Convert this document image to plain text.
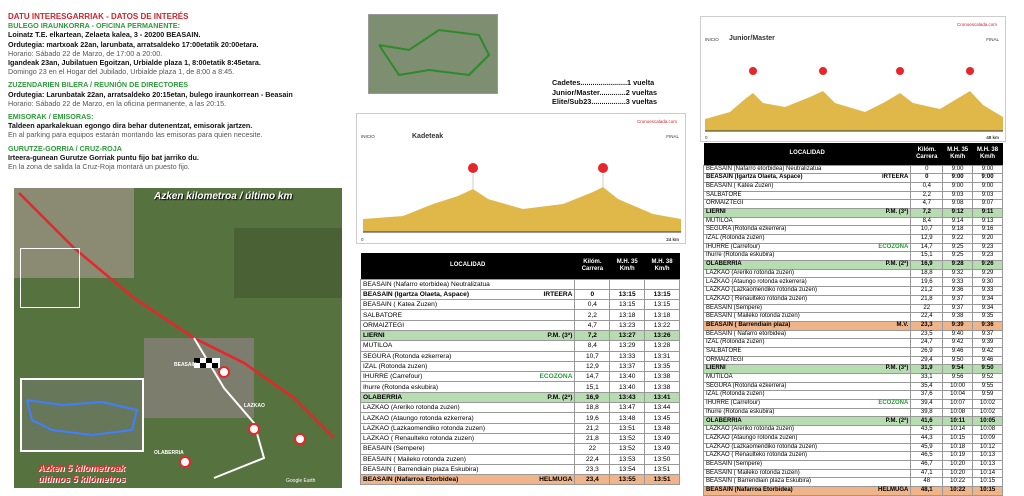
DATU INTERESGARRIAK - DATOS DE INTERÉS
BULEGO IRAUNKORRA - OFICINA PERMANENTE:
Loinatz T.E. elkartean, Zelaeta kalea, 3 - 20200 BEASAIN.
Ordutegia: martxoak 22an, larunbata, arratsaldeko 17:00etatik 20:00etara.
Horario: Sábado 22 de Marzo, de 17:00 a 20:00.
Igandeak 23an, Jubilatuen Egoitzan, Urbialde plaza 1, 8:00etatik 8:45etara.
Domingo 23 en el Hogar del Jubilado, Urbialde plaza 1, de 8:00 a 8:45.
ZUZENDARIEN BILERA / REUNIÓN DE DIRECTORES
Ordutegia: Larunbatak 22an, arratsaldeko 20:15etan, bulego iraunkorrean - Beasain
Horario: Sábado 22 de Marzo, en la oficina permanente, a las 20:15.
EMISORAK / EMISORAS:
Taldeen aparkalekuan egongo dira behar dutenentzat, emisorak jartzen.
En al parking para equipos estarán montando las emisoras para quien necesite.
GURUTZE-GORRIA / CRUZ-ROJA
Irteera-gunean Gurutze Gorriak puntu fijo bat jarriko du.
En la zona de salida la Cruz-Roja montará un puesto fijo.
Azken kilometroa / último km
BEASAIN
LAZKAO
OLABERRIA
Google Earth
Azken 5 kilometroak
últimos 5 kilómetros
Cadetes.......................1 vuelta
Junior/Master.............2 vueltas
Elite/Sub23.................3 vueltas
Cronoescalada.com
Kadeteak
INICIO	FINAL
0	24 km
Cronoescalada.com
Junior/Master
INICIO	FINAL
0	48 km
LOCALIDAD		Kilóm. Carrera	M.H. 35 Km/h	M.H. 38 Km/h
BEASAIN (Nafarro etorbidea) Neutralizatua				
BEASAIN (Igartza Olaeta, Aspace)	IRTEERA	0	13:15	13:15
BEASAIN ( Katea Zuzen)		0,4	13:15	13:15
SALBATORE		2,2	13:18	13:18
ORMAIZTEGI		4,7	13:23	13:22
LIERNI	P.M. (3ª)	7,2	13:27	13:26
MUTILOA		8,4	13:29	13:28
SEGURA (Rotonda ezkerrera)		10,7	13:33	13:31
IZAL (Rotonda zuzen)		12,9	13:37	13:35
IHURRE (Carrefour)	ECOZONA	14,7	13:40	13:38
Ihurre (Rotonda eskubira)		15,1	13:40	13:38
OLABERRIA	P.M. (2ª)	16,9	13:43	13:41
LAZKAO (Areriko rotonda zuzen)		18,8	13:47	13:44
LAZKAO (Ataungo rotonda ezkerrera)		19,6	13:48	13:45
LAZKAO (Lazkaomendiko rotonda zuzen)		21,2	13:51	13:48
LAZKAO ( Renaulteko rotonda zuzen)		21,8	13:52	13:49
BEASAIN (Sempere)		22	13:52	13:49
BEASAIN ( Maileko rotonda zuzen)		22,4	13:53	13:50
BEASAIN ( Barrendiain plaza Eskubira)		23,3	13:54	13:51
BEASAIN (Nafarroa Etorbidea)	HELMUGA	23,4	13:55	13:51
LOCALIDAD		Kilóm. Carrera	M.H. 35 Km/h	M.H. 38 Km/h
BEASAIN (Nafarro etorbidea) Neutralizatua		0	9:00	9:00
BEASAIN (Igartza Olaeta, Aspace)	IRTEERA	0	9:00	9:00
BEASAIN ( Katea Zuzen)		0,4	9:00	9:00
SALBATORE		2,2	9:03	9:03
ORMAIZTEGI		4,7	9:08	9:07
LIERNI	P.M. (3ª)	7,2	9:12	9:11
MUTILOA		8,4	9:14	9:13
SEGURA (Rotonda ezkerrera)		10,7	9:18	9:16
IZAL (Rotonda zuzen)		12,9	9:22	9:20
IHURRE (Carrefour)	ECOZONA	14,7	9:25	9:23
Ihurre (Rotonda eskubira)		15,1	9:25	9:23
OLABERRIA	P.M. (2ª)	16,9	9:28	9:26
LAZKAO (Areriko rotonda zuzen)		18,8	9:32	9:29
LAZKAO (Ataungo rotonda ezkerrera)		19,6	9:33	9:30
LAZKAO (Lazkaomendiko rotonda zuzen)		21,2	9:36	9:33
LAZKAO ( Renaulteko rotonda zuzen)		21,8	9:37	9:34
BEASAIN (Sempere)		22	9:37	9:34
BEASAIN ( Maileko rotonda zuzen)		22,4	9:38	9:35
BEASAIN ( Barrendiain plaza)	M.V.	23,3	9:39	9:36
BEASAIN ( Nafarro etorbidea)		23,5	9:40	9:37
IZAL (Rotonda zuzen)		24,7	9:42	9:39
SALBATORE		26,9	9:46	9:42
ORMAIZTEGI		29,4	9:50	9:46
LIERNI	P.M. (3ª)	31,9	9:54	9:50
MUTILOA		33,1	9:56	9:52
SEGURA (Rotonda ezkerrera)		35,4	10:00	9:55
IZAL (Rotonda zuzen)		37,6	10:04	9:59
IHURRE (Carrefour)	ECOZONA	39,4	10:07	10:02
Ihurre (Rotonda eskubira)		39,8	10:08	10:02
OLABERRIA	P.M. (2ª)	41,6	10:11	10:05
LAZKAO (Areriko rotonda zuzen)		43,5	10:14	10:08
LAZKAO (Ataungo rotonda zuzen)		44,3	10:15	10:09
LAZKAO (Lazkaomendiko rotonda zuzen)		45,9	10:18	10:12
LAZKAO ( Renaulteko rotonda zuzen)		46,5	10:19	10:13
BEASAIN (Sempere)		46,7	10:20	10:13
BEASAIN ( Maileko rotonda zuzen)		47,1	10:20	10:14
BEASAIN ( Barrendiain plaza Eskubira)		48	10:22	10:15
BEASAIN (Nafarroa Etorbidea)	HELMUGA	48,1	10:22	10:15
